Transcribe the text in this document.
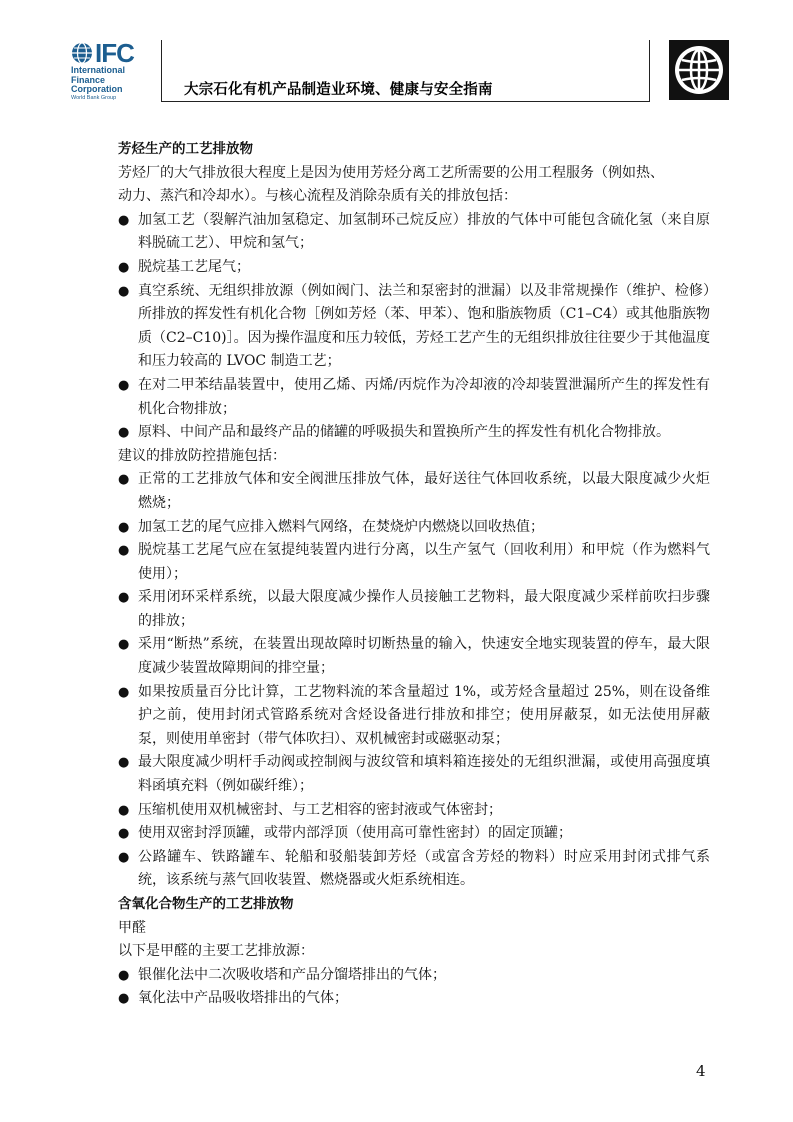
IFC
International
Finance
Corporation
World Bank Group	大宗石化有机产品制造业环境、健康与安全指南
芳烃生产的工艺排放物
芳烃厂的大气排放很大程度上是因为使用芳烃分离工艺所需要的公用工程服务（例如热、
动力、蒸汽和冷却水）。与核心流程及消除杂质有关的排放包括：
● 加氢工艺（裂解汽油加氢稳定、加氢制环己烷反应）排放的气体中可能包含硫化氢（来自原料脱硫工艺）、甲烷和氢气；
● 脱烷基工艺尾气；
● 真空系统、无组织排放源（例如阀门、法兰和泵密封的泄漏）以及非常规操作（维护、检修）所排放的挥发性有机化合物［例如芳烃（苯、甲苯）、饱和脂族物质（C1–C4）或其他脂族物质（C2–C10)］。因为操作温度和压力较低，芳烃工艺产生的无组织排放往往要少于其他温度和压力较高的 LVOC 制造工艺；
● 在对二甲苯结晶装置中，使用乙烯、丙烯/丙烷作为冷却液的冷却装置泄漏所产生的挥发性有机化合物排放；
● 原料、中间产品和最终产品的储罐的呼吸损失和置换所产生的挥发性有机化合物排放。
建议的排放防控措施包括：
● 正常的工艺排放气体和安全阀泄压排放气体，最好送往气体回收系统，以最大限度减少火炬燃烧；
● 加氢工艺的尾气应排入燃料气网络，在焚烧炉内燃烧以回收热值；
● 脱烷基工艺尾气应在氢提纯装置内进行分离，以生产氢气（回收利用）和甲烷（作为燃料气使用）；
● 采用闭环采样系统，以最大限度减少操作人员接触工艺物料，最大限度减少采样前吹扫步骤的排放；
● 采用“断热”系统，在装置出现故障时切断热量的输入，快速安全地实现装置的停车，最大限度减少装置故障期间的排空量；
● 如果按质量百分比计算，工艺物料流的苯含量超过 1%，或芳烃含量超过 25%，则在设备维护之前，使用封闭式管路系统对含烃设备进行排放和排空；使用屏蔽泵，如无法使用屏蔽泵，则使用单密封（带气体吹扫）、双机械密封或磁驱动泵；
● 最大限度减少明杆手动阀或控制阀与波纹管和填料箱连接处的无组织泄漏，或使用高强度填料函填充料（例如碳纤维）；
● 压缩机使用双机械密封、与工艺相容的密封液或气体密封；
● 使用双密封浮顶罐，或带内部浮顶（使用高可靠性密封）的固定顶罐；
● 公路罐车、铁路罐车、轮船和驳船装卸芳烃（或富含芳烃的物料）时应采用封闭式排气系统，该系统与蒸气回收装置、燃烧器或火炬系统相连。
含氧化合物生产的工艺排放物
甲醛
以下是甲醛的主要工艺排放源：
● 银催化法中二次吸收塔和产品分馏塔排出的气体；
● 氧化法中产品吸收塔排出的气体；
4
